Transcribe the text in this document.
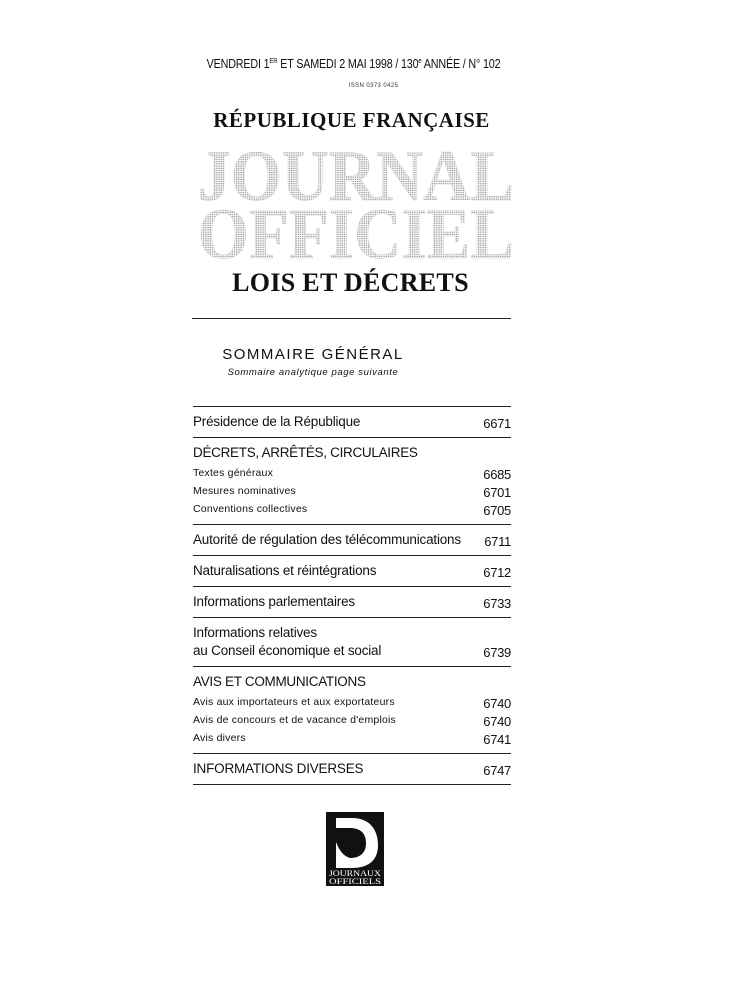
VENDREDI 1ER ET SAMEDI 2 MAI 1998 / 130e ANNÉE / N° 102
ISSN 0373 0425
RÉPUBLIQUE FRANÇAISE
JOURNAL
OFFICIEL
LOIS ET DÉCRETS
SOMMAIRE GÉNÉRAL
Sommaire analytique page suivante
Présidence de la République	6671
DÉCRETS, ARRÊTÉS, CIRCULAIRES
Textes généraux	6685
Mesures nominatives	6701
Conventions collectives	6705
Autorité de régulation des télécommunications 6711
Naturalisations et réintégrations	6712
Informations parlementaires	6733
Informations relatives
au Conseil économique et social	6739
AVIS ET COMMUNICATIONS
Avis aux importateurs et aux exportateurs	6740
Avis de concours et de vacance d'emplois	6740
Avis divers	6741
INFORMATIONS DIVERSES	6747
JOURNAUX
OFFICIELS
